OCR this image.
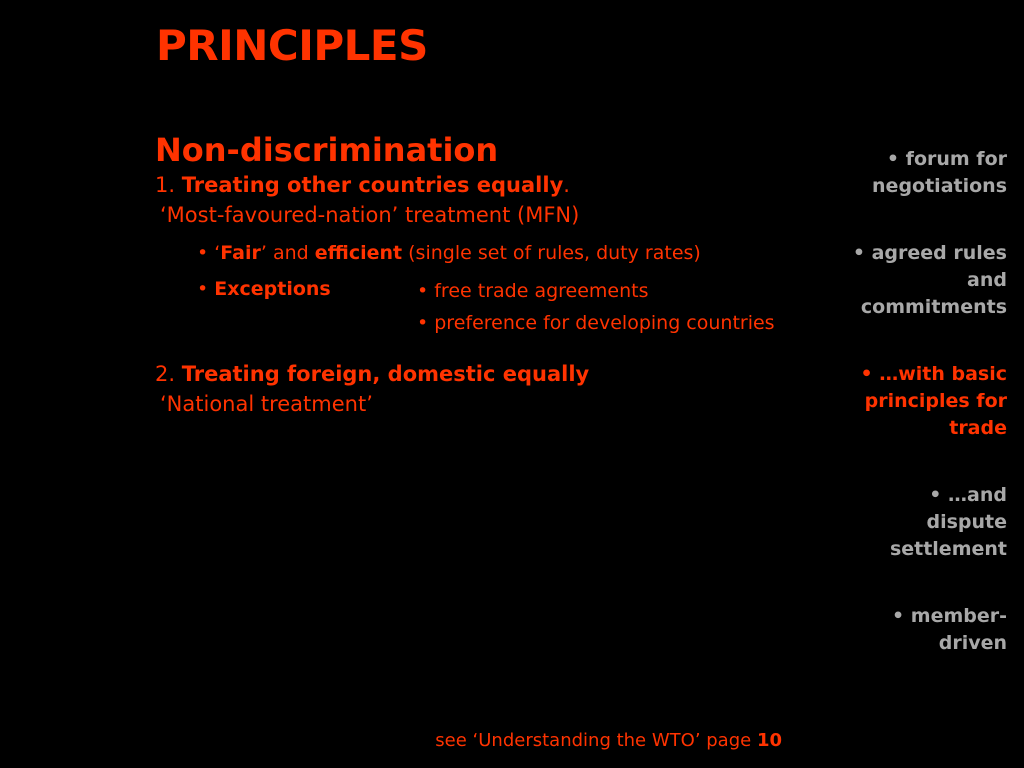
PRINCIPLES
Non-discrimination
1. Treating other countries equally.
‘Most-favoured-nation’ treatment (MFN)
• ‘Fair’ and efficient (single set of rules, duty rates)
• Exceptions	• free trade agreements
• preference for developing countries
2. Treating foreign, domestic equally
‘National treatment’
• forum for
negotiations
• agreed rules
and
commitments
• …with basic
principles for
trade
• …and
dispute
settlement
• member-
driven
see ‘Understanding the WTO’ page 10
